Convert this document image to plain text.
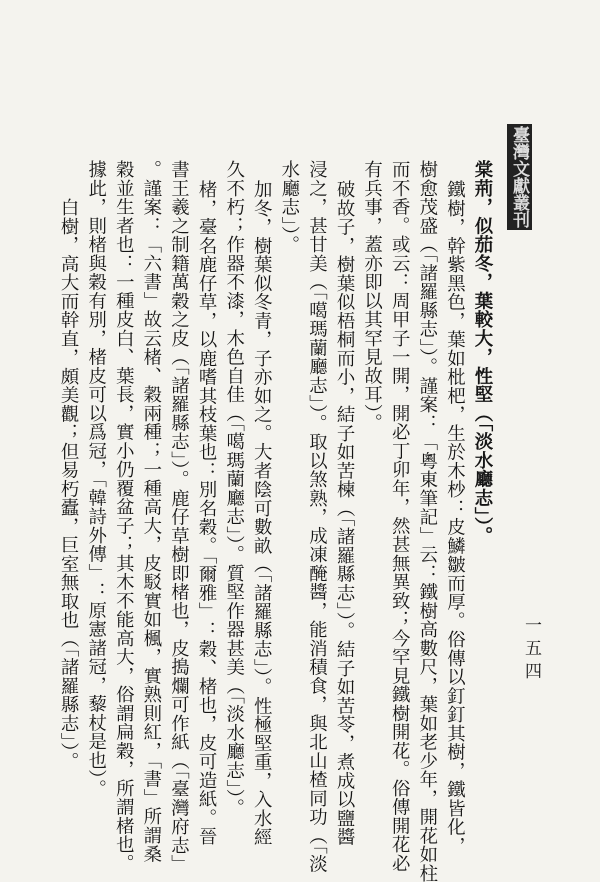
臺灣文獻叢刊
一五四
棠荊，似茄冬，葉較大，性堅（「淡水廳志」）。
鐵樹，幹紫黑色，葉如枇杷，生於木杪：皮鱗皺而厚。俗傳以釘釘其樹，鐵皆化，
樹愈茂盛（「諸羅縣志」）。謹案：「粵東筆記」云：鐵樹高數尺，葉如老少年，開花如柱
而不香。或云：周甲子一開，開必丁卯年，然甚無異致；今罕見鐵樹開花。俗傳開花必
有兵事，蓋亦即以其罕見故耳）。
破故子，樹葉似梧桐而小，結子如苦楝（「諸羅縣志」）。結子如苦苓，煮成以鹽醬
浸之，甚甘美（「噶瑪蘭廳志」）。取以煞熟，成凍醃醬，能消積食，與北山楂同功（「淡
水廳志」）。
加冬，樹葉似冬青，子亦如之。大者陰可數畝（「諸羅縣志」）。性極堅重，入水經
久不朽；作器不漆，木色自佳（「噶瑪蘭廳志」）。質堅作器甚美（「淡水廳志」）。
楮，臺名鹿仔草，以鹿嗜其枝葉也：別名穀。「爾雅」：穀、楮也，皮可造紙。晉
書王羲之制籍萬穀之皮（「諸羅縣志」）。鹿仔草樹即楮也，皮搗爛可作紙（「臺灣府志」
。謹案：「六書」故云楮、穀兩種；一種高大，皮駁實如楓，實熟則紅，「書」所謂桑
穀並生者也：一種皮白、葉長，實小仍覆盆子；其木不能高大，俗謂扁穀，所謂楮也。
據此，則楮與穀有別，楮皮可以爲冠，「韓詩外傳」：原憲諸冠，藜杖是也）。
白樹，高大而幹直，頗美觀；但易朽蠹，巨室無取也（「諸羅縣志」）。
